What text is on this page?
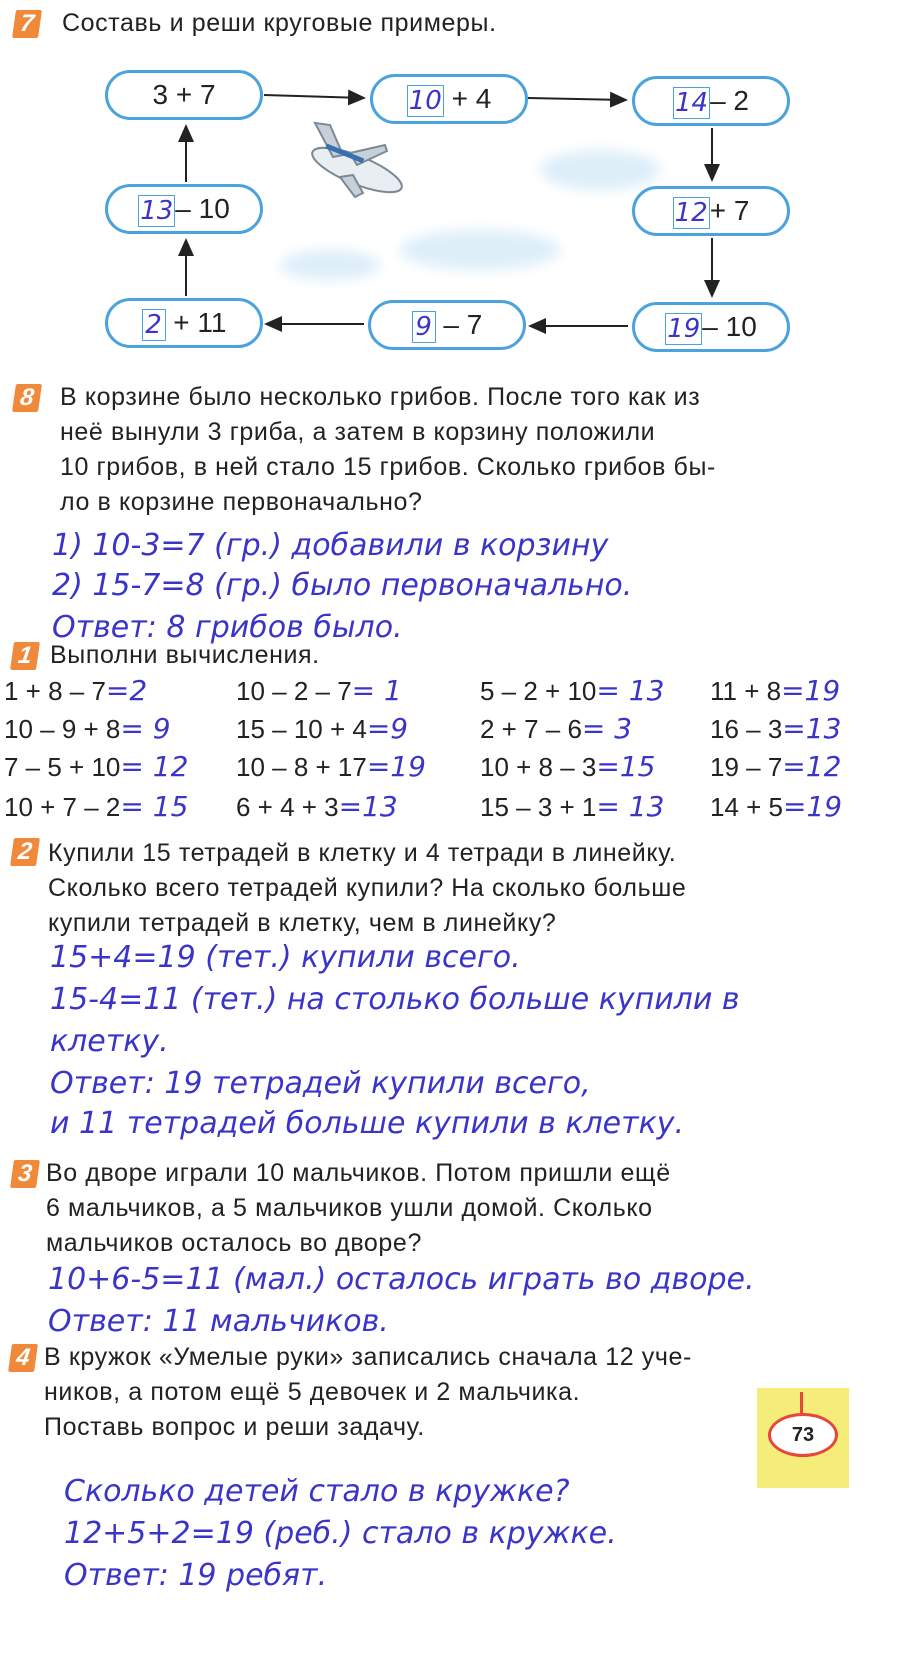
7 Составь и реши круговые примеры.
3 + 7	10 + 4	14– 2
12+ 7
19– 10
9 – 7
2 + 11
13– 10
8 В корзине было несколько грибов. После того как из
неё вынули 3 гриба, а затем в корзину положили
10 грибов, в ней стало 15 грибов. Сколько грибов бы-
ло в корзине первоначально?
1) 10-3=7 (гр.) добавили в корзину
2) 15-7=8 (гр.) было первоначально.
Ответ: 8 грибов было.
1 Выполни вычисления.
1 + 8 – 7=2
10 – 9 + 8= 9
7 – 5 + 10= 12
10 + 7 – 2= 15
10 – 2 – 7= 1
15 – 10 + 4=9
10 – 8 + 17=19
6 + 4 + 3=13
5 – 2 + 10= 13
2 + 7 – 6= 3
10 + 8 – 3=15
15 – 3 + 1= 13
11 + 8=19
16 – 3=13
19 – 7=12
14 + 5=19
2 Купили 15 тетрадей в клетку и 4 тетради в линейку.
Сколько всего тетрадей купили? На сколько больше
купили тетрадей в клетку, чем в линейку?
15+4=19 (тет.) купили всего.
15-4=11 (тет.) на столько больше купили в
клетку.
Ответ: 19 тетрадей купили всего,
и 11 тетрадей больше купили в клетку.
3 Во дворе играли 10 мальчиков. Потом пришли ещё
6 мальчиков, а 5 мальчиков ушли домой. Сколько
мальчиков осталось во дворе?
10+6-5=11 (мал.) осталось играть во дворе.
Ответ: 11 мальчиков.
4 В кружок «Умелые руки» записались сначала 12 уче-
ников, а потом ещё 5 девочек и 2 мальчика.
Поставь вопрос и реши задачу.
Сколько детей стало в кружке?
12+5+2=19 (реб.) стало в кружке.
Ответ: 19 ребят.
73
